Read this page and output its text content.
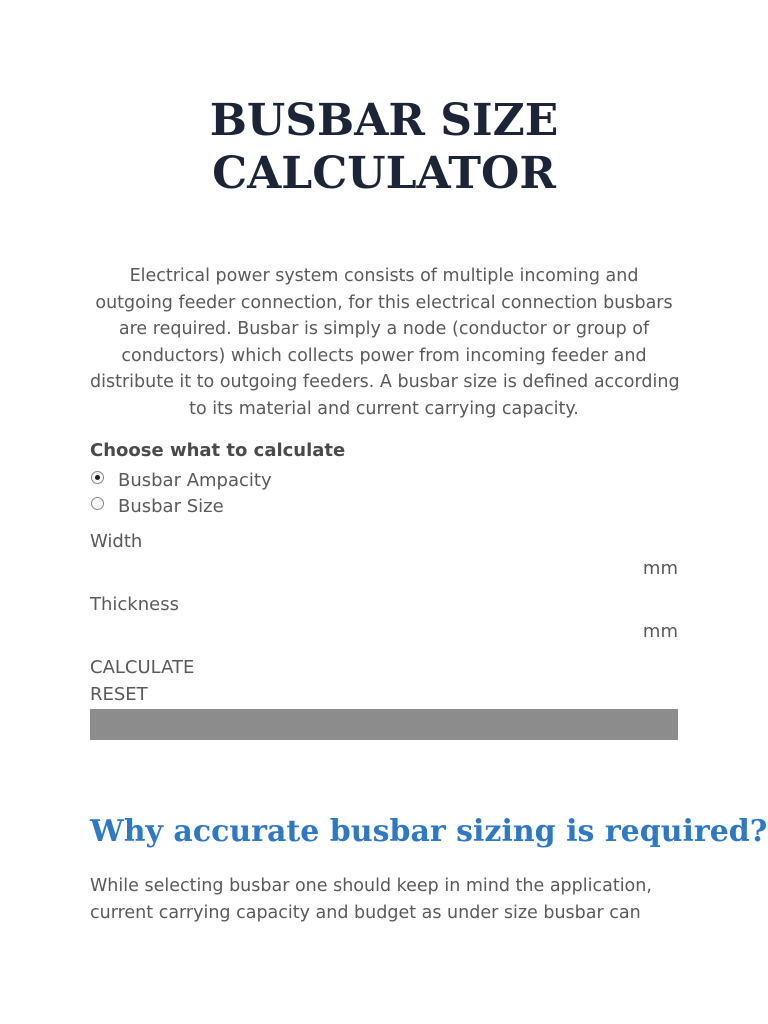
BUSBAR SIZE
CALCULATOR

Electrical power system consists of multiple incoming and
outgoing feeder connection, for this electrical connection busbars
are required. Busbar is simply a node (conductor or group of
conductors) which collects power from incoming feeder and
distribute it to outgoing feeders. A busbar size is defined according
to its material and current carrying capacity.

Choose what to calculate
Busbar Ampacity
Busbar Size
Width
mm
Thickness
mm
CALCULATE
RESET
Why accurate busbar sizing is required?

While selecting busbar one should keep in mind the application,
current carrying capacity and budget as under size busbar can
